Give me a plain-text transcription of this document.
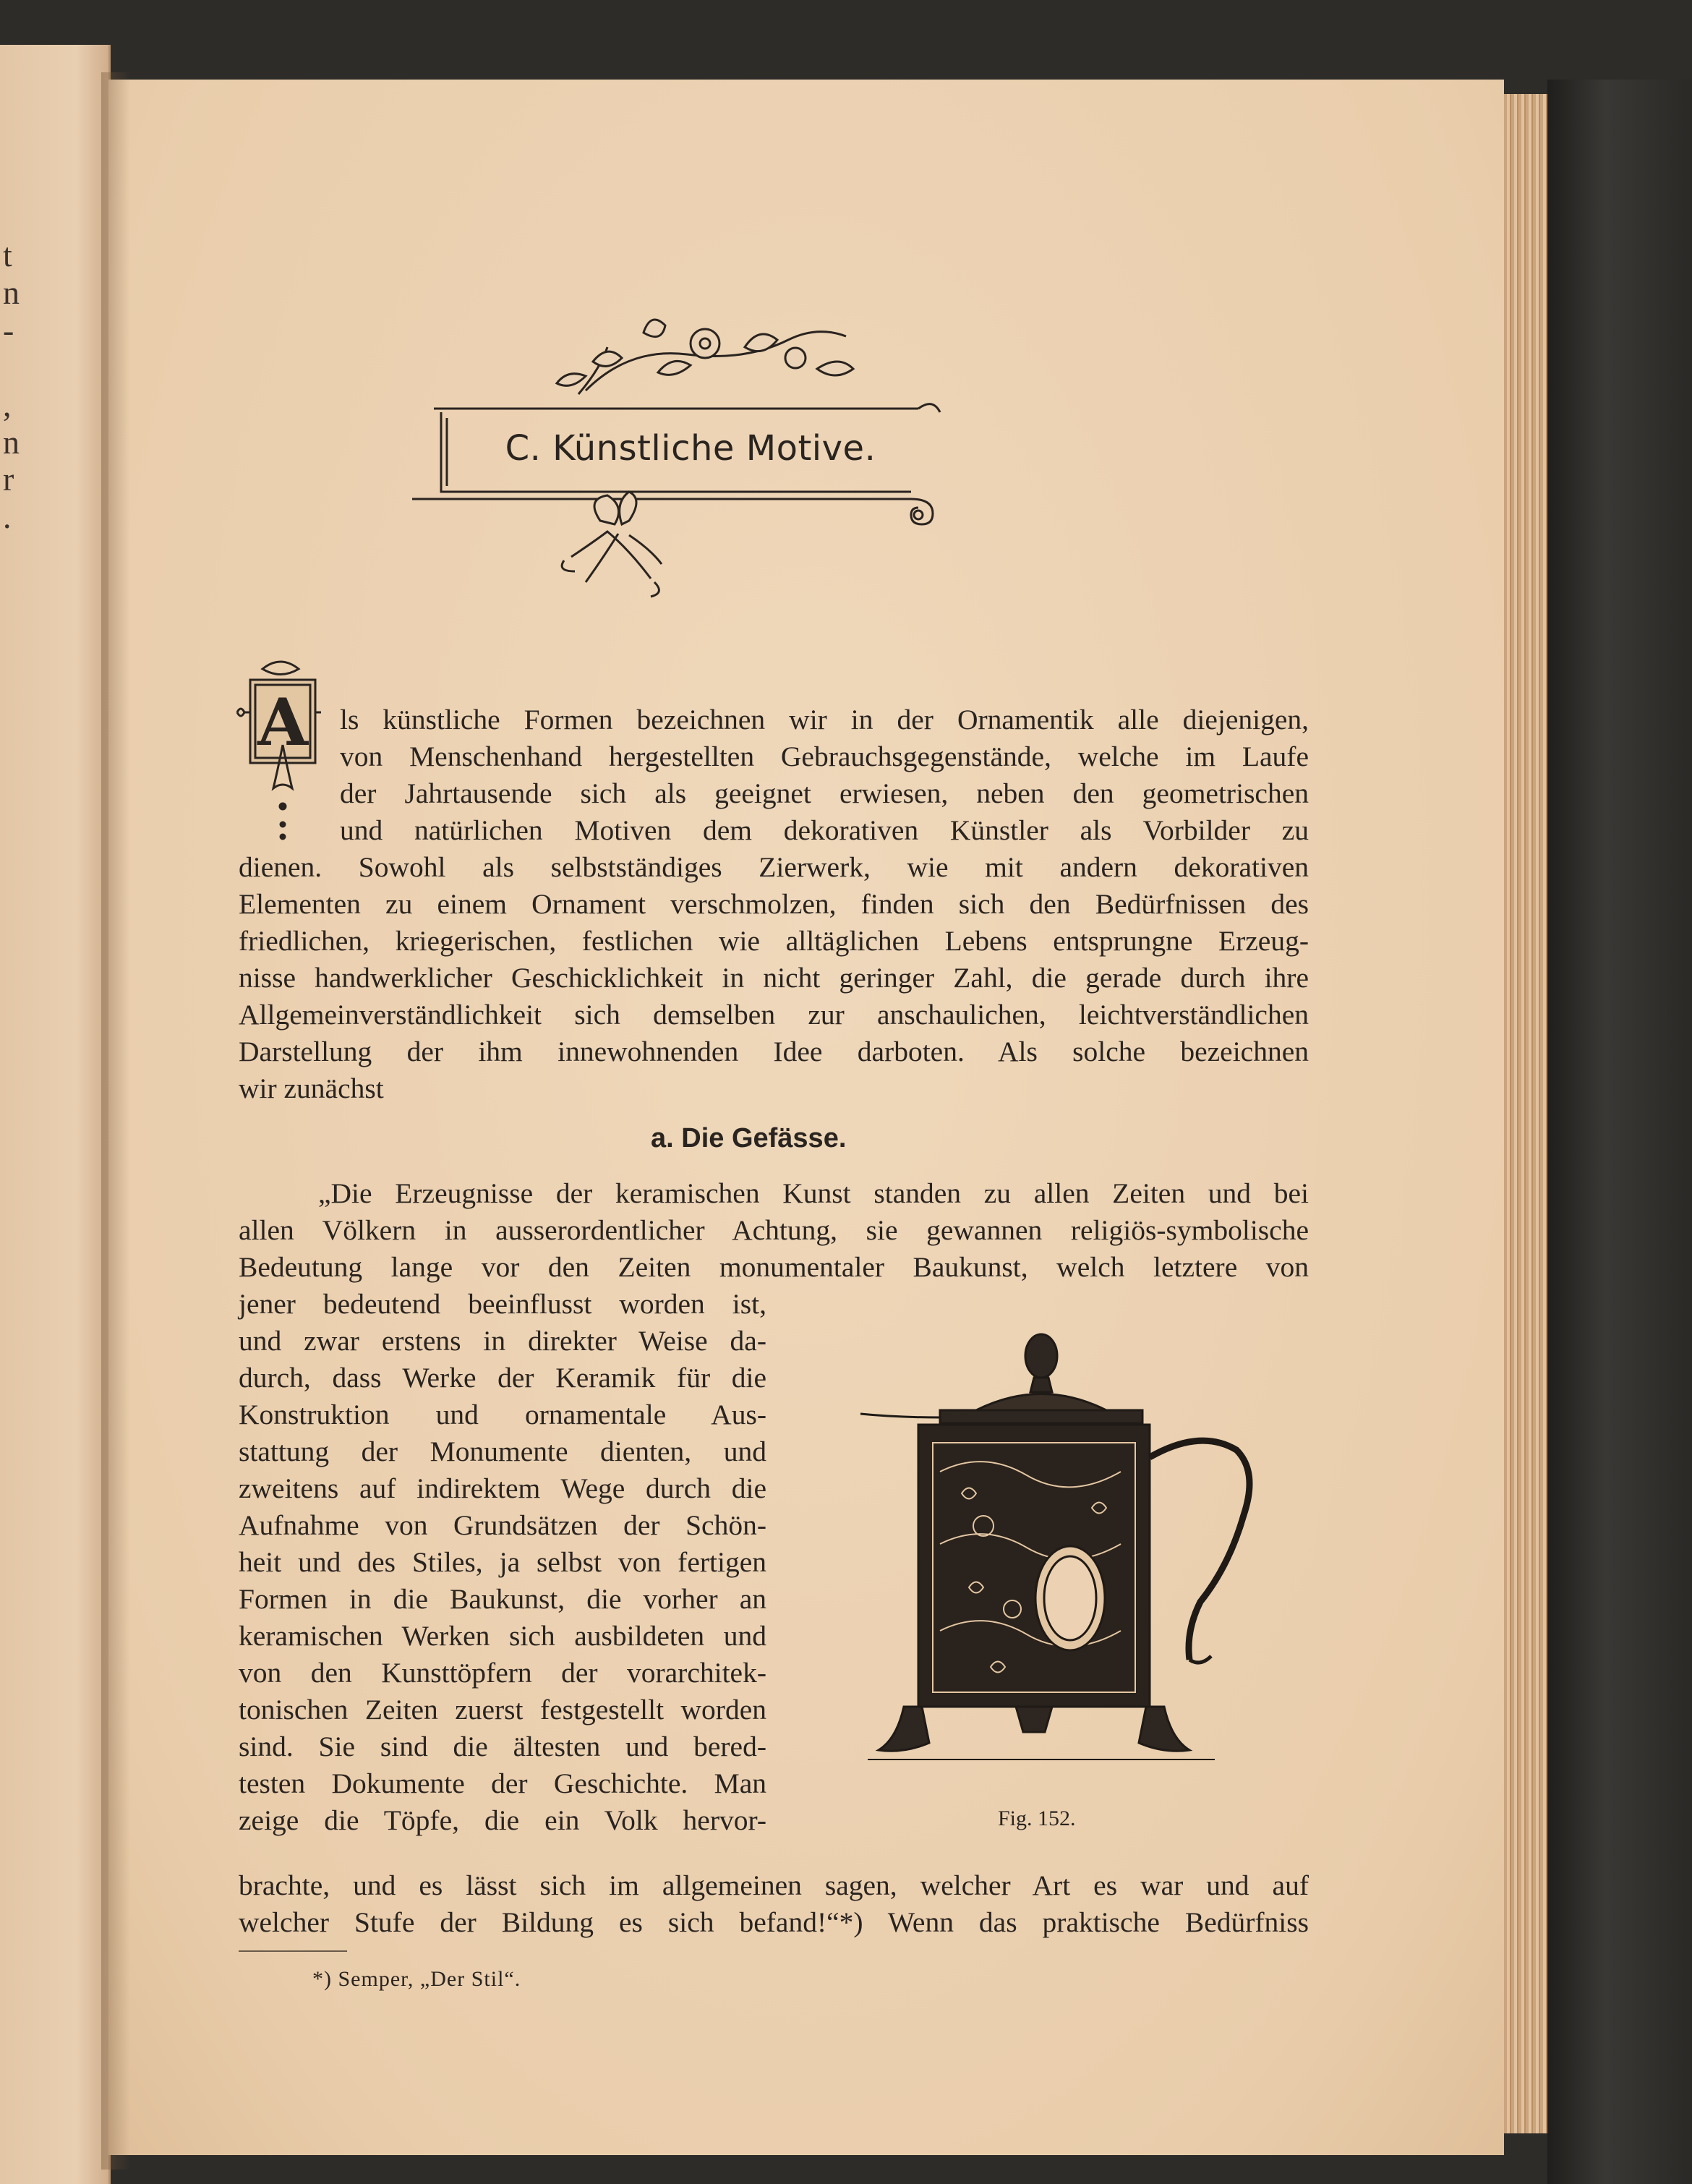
t
n
-
,
n
r
.
C. Künstliche Motive.
A ls künstliche Formen bezeichnen wir in der Ornamentik alle diejenigen,
von Menschenhand hergestellten Gebrauchsgegenstände, welche im Laufe
der Jahrtausende sich als geeignet erwiesen, neben den geometrischen
und natürlichen Motiven dem dekorativen Künstler als Vorbilder zu
dienen. Sowohl als selbstständiges Zierwerk, wie mit andern dekorativen
Elementen zu einem Ornament verschmolzen, finden sich den Bedürfnissen des
friedlichen, kriegerischen, festlichen wie alltäglichen Lebens entsprungne Erzeug-
nisse handwerklicher Geschicklichkeit in nicht geringer Zahl, die gerade durch ihre
Allgemeinverständlichkeit sich demselben zur anschaulichen, leichtverständlichen
Darstellung der ihm innewohnenden Idee darboten. Als solche bezeichnen
wir zunächst
a. Die Gefässe.
„Die Erzeugnisse der keramischen Kunst standen zu allen Zeiten und bei
allen Völkern in ausserordentlicher Achtung, sie gewannen religiös-symbolische
Bedeutung lange vor den Zeiten monumentaler Baukunst, welch letztere von
jener bedeutend beeinflusst worden ist,
und zwar erstens in direkter Weise da-
durch, dass Werke der Keramik für die
Konstruktion und ornamentale Aus-
stattung der Monumente dienten, und
zweitens auf indirektem Wege durch die
Aufnahme von Grundsätzen der Schön-
heit und des Stiles, ja selbst von fertigen
Formen in die Baukunst, die vorher an
keramischen Werken sich ausbildeten und
von den Kunsttöpfern der vorarchitek-
tonischen Zeiten zuerst festgestellt worden
sind. Sie sind die ältesten und bered-
testen Dokumente der Geschichte. Man
zeige die Töpfe, die ein Volk hervor-
brachte, und es lässt sich im allgemeinen sagen, welcher Art es war und auf
welcher Stufe der Bildung es sich befand!“*) Wenn das praktische Bedürfniss
Fig. 152.
*) Semper, „Der Stil“.
